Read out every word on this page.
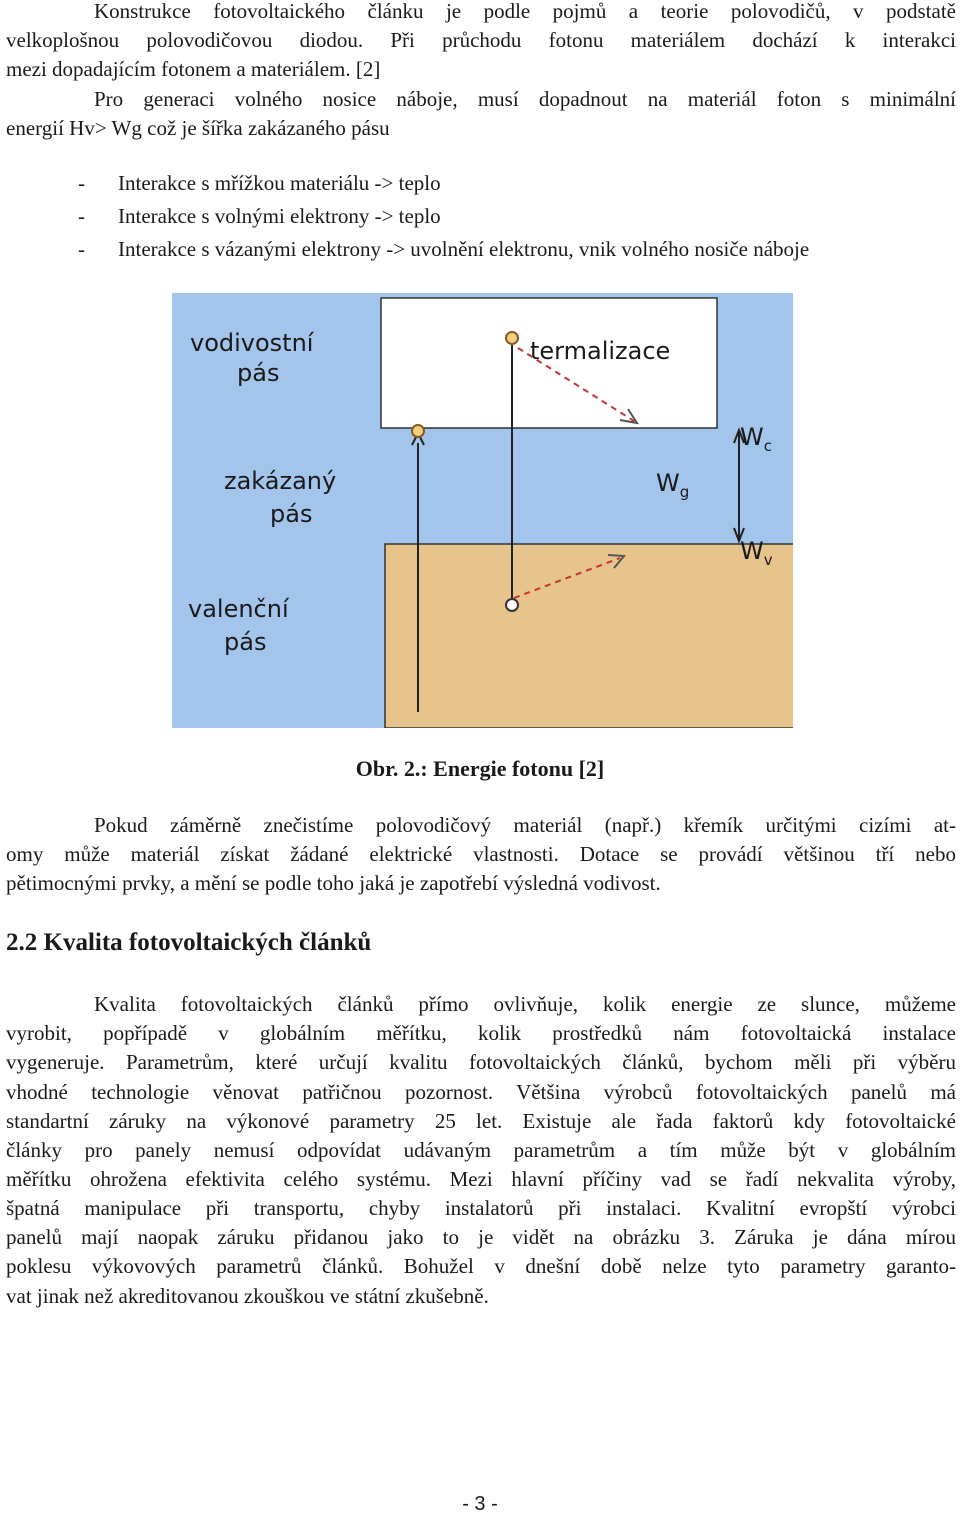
Konstrukce fotovoltaického článku je podle pojmů a teorie polovodičů, v podstatě
velkoplošnou polovodičovou diodou. Při průchodu fotonu materiálem dochází k interakci
mezi dopadajícím fotonem a materiálem. [2]
Pro generaci volného nosice náboje, musí dopadnout na materiál foton s minimální
energií Hv> Wg což je šířka zakázaného pásu
- Interakce s mřížkou materiálu -> teplo
- Interakce s volnými elektrony -> teplo
- Interakce s vázanými elektrony -> uvolnění elektronu, vnik volného nosiče náboje
vodivostní
pás
termalizace
zakázaný
pás
valenční
pás
$W_c$
$W_g$
$W_v$
Obr. 2.: Energie fotonu [2]
Pokud záměrně znečistíme polovodičový materiál (např.) křemík určitými cizími at-
omy může materiál získat žádané elektrické vlastnosti. Dotace se provádí většinou tří nebo
pětimocnými prvky, a mění se podle toho jaká je zapotřebí výsledná vodivost.
2.2 Kvalita fotovoltaických článků
Kvalita fotovoltaických článků přímo ovlivňuje, kolik energie ze slunce, můžeme
vyrobit, popřípadě v globálním měřítku, kolik prostředků nám fotovoltaická instalace
vygeneruje. Parametrům, které určují kvalitu fotovoltaických článků, bychom měli při výběru
vhodné technologie věnovat patřičnou pozornost. Většina výrobců fotovoltaických panelů má
standartní záruky na výkonové parametry 25 let. Existuje ale řada faktorů kdy fotovoltaické
články pro panely nemusí odpovídat udávaným parametrům a tím může být v globálním
měřítku ohrožena efektivita celého systému. Mezi hlavní příčiny vad se řadí nekvalita výroby,
špatná manipulace při transportu, chyby instalatorů při instalaci. Kvalitní evropští výrobci
panelů mají naopak záruku přidanou jako to je vidět na obrázku 3. Záruka je dána mírou
poklesu výkovových parametrů článků. Bohužel v dnešní době nelze tyto parametry garanto-
vat jinak než akreditovanou zkouškou ve státní zkušebně.
- 3 -
